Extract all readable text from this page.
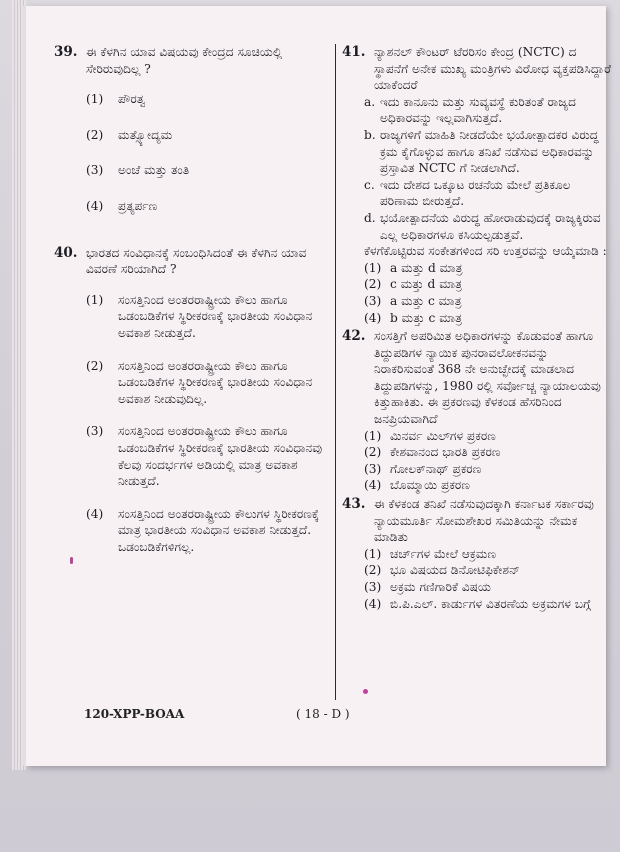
39. ಈ ಕೆಳಗಿನ ಯಾವ ವಿಷಯವು ಕೇಂದ್ರದ ಸೂಚಿಯಲ್ಲಿ ಸೇರಿರುವುದಿಲ್ಲ ?
(1) ಪೌರತ್ವ
(2) ಮತ್ಸ್ಯೋದ್ಯಮ
(3) ಅಂಚೆ ಮತ್ತು ತಂತಿ
(4) ಪ್ರತ್ಯರ್ಪಣ
40. ಭಾರತದ ಸಂವಿಧಾನಕ್ಕೆ ಸಂಬಂಧಿಸಿದಂತೆ ಈ ಕೆಳಗಿನ ಯಾವ ವಿವರಣೆ ಸರಿಯಾಗಿದೆ ?
(1) ಸಂಸತ್ತಿನಿಂದ ಅಂತರರಾಷ್ಟ್ರೀಯ ಕೌಲು ಹಾಗೂ ಒಡಂಬಡಿಕೆಗಳ ಸ್ಥಿರೀಕರಣಕ್ಕೆ ಭಾರತೀಯ ಸಂವಿಧಾನ ಅವಕಾಶ ನೀಡುತ್ತದೆ.
(2) ಸಂಸತ್ತಿನಿಂದ ಅಂತರರಾಷ್ಟ್ರೀಯ ಕೌಲು ಹಾಗೂ ಒಡಂಬಡಿಕೆಗಳ ಸ್ಥಿರೀಕರಣಕ್ಕೆ ಭಾರತೀಯ ಸಂವಿಧಾನ ಅವಕಾಶ ನೀಡುವುದಿಲ್ಲ.
(3) ಸಂಸತ್ತಿನಿಂದ ಅಂತರರಾಷ್ಟ್ರೀಯ ಕೌಲು ಹಾಗೂ ಒಡಂಬಡಿಕೆಗಳ ಸ್ಥಿರೀಕರಣಕ್ಕೆ ಭಾರತೀಯ ಸಂವಿಧಾನವು ಕೆಲವು ಸಂದರ್ಭಗಳ ಅಡಿಯಲ್ಲಿ ಮಾತ್ರ ಅವಕಾಶ ನೀಡುತ್ತದೆ.
(4) ಸಂಸತ್ತಿನಿಂದ ಅಂತರರಾಷ್ಟ್ರೀಯ ಕೌಲುಗಳ ಸ್ಥಿರೀಕರಣಕ್ಕೆ ಮಾತ್ರ ಭಾರತೀಯ ಸಂವಿಧಾನ ಅವಕಾಶ ನೀಡುತ್ತದೆ. ಒಡಂಬಡಿಕೆಗಳಿಗಲ್ಲ.
41. ನ್ಯಾಶನಲ್ ಕೌಂಟರ್ ಟೆರರಿಸಂ ಕೇಂದ್ರ (NCTC) ದ ಸ್ಥಾಪನೆಗೆ ಅನೇಕ ಮುಖ್ಯ ಮಂತ್ರಿಗಳು ವಿರೋಧ ವ್ಯಕ್ತಪಡಿಸಿದ್ದಾರೆ ಯಾಕೆಂದರೆ
a. ಇದು ಕಾನೂನು ಮತ್ತು ಸುವ್ಯವಸ್ಥೆ ಕುರಿತಂತೆ ರಾಜ್ಯದ ಅಧಿಕಾರವನ್ನು ಇಲ್ಲವಾಗಿಸುತ್ತದೆ.
b. ರಾಜ್ಯಗಳಿಗೆ ಮಾಹಿತಿ ನೀಡದೆಯೇ ಭಯೋತ್ಪಾದಕರ ವಿರುದ್ಧ ಕ್ರಮ ಕೈಗೊಳ್ಳುವ ಹಾಗೂ ತನಿಖೆ ನಡೆಸುವ ಅಧಿಕಾರವನ್ನು ಪ್ರಸ್ತಾವಿತ NCTC ಗೆ ನೀಡಲಾಗಿದೆ.
c. ಇದು ದೇಶದ ಒಕ್ಕೂಟ ರಚನೆಯ ಮೇಲೆ ಪ್ರತಿಕೂಲ ಪರಿಣಾಮ ಬೀರುತ್ತದೆ.
d. ಭಯೋತ್ಪಾದನೆಯ ವಿರುದ್ಧ ಹೋರಾಡುವುದಕ್ಕೆ ರಾಜ್ಯಕ್ಕಿರುವ ಎಲ್ಲ ಅಧಿಕಾರಗಳೂ ಕಸಿಯಲ್ಪಡುತ್ತವೆ.
ಕೆಳಗೆಕೊಟ್ಟಿರುವ ಸಂಕೇತಗಳಿಂದ ಸರಿ ಉತ್ತರವನ್ನು ಆಯ್ಕೆಮಾಡಿ :
(1) a ಮತ್ತು d ಮಾತ್ರ
(2) c ಮತ್ತು d ಮಾತ್ರ
(3) a ಮತ್ತು c ಮಾತ್ರ
(4) b ಮತ್ತು c ಮಾತ್ರ
42. ಸಂಸತ್ತಿಗೆ ಅಪರಿಮಿತ ಅಧಿಕಾರಗಳನ್ನು ಕೊಡುವಂತೆ ಹಾಗೂ ತಿದ್ದುಪಡಿಗಳ ನ್ಯಾಯಿಕ ಪುನರಾವಲೋಕನವನ್ನು ನಿರಾಕರಿಸುವಂತೆ 368 ನೇ ಅನುಚ್ಛೇದಕ್ಕೆ ಮಾಡಲಾದ ತಿದ್ದುಪಡಿಗಳನ್ನು, 1980 ರಲ್ಲಿ ಸರ್ವೋಚ್ಚ ನ್ಯಾಯಾಲಯವು ಕಿತ್ತುಹಾಕಿತು. ಈ ಪ್ರಕರಣವು ಕೆಳಕಂಡ ಹೆಸರಿನಿಂದ ಜನಪ್ರಿಯವಾಗಿದೆ
(1) ಮಿನರ್ವ ಮಿಲ್‌ಗಳ ಪ್ರಕರಣ
(2) ಕೇಶವಾನಂದ ಭಾರತಿ ಪ್ರಕರಣ
(3) ಗೋಲಕ್‌ನಾಥ್ ಪ್ರಕರಣ
(4) ಬೊಮ್ಮಾಯಿ ಪ್ರಕರಣ
43. ಈ ಕೆಳಕಂಡ ತನಿಖೆ ನಡೆಸುವುದಕ್ಕಾಗಿ ಕರ್ನಾಟಕ ಸರ್ಕಾರವು ನ್ಯಾಯಮೂರ್ತಿ ಸೋಮಶೇಖರ ಸಮಿತಿಯನ್ನು ನೇಮಕ ಮಾಡಿತು
(1) ಚರ್ಚ್‌ಗಳ ಮೇಲೆ ಆಕ್ರಮಣ
(2) ಭೂ ವಿಷಯದ ಡಿನೋಟಿಫಿಕೇಶನ್
(3) ಅಕ್ರಮ ಗಣಿಗಾರಿಕೆ ವಿಷಯ
(4) ಬಿ.ಪಿ.ಎಲ್. ಕಾರ್ಡುಗಳ ವಿತರಣೆಯ ಅಕ್ರಮಗಳ ಬಗ್ಗೆ
120-XPP-BOAA	( 18 - D )
